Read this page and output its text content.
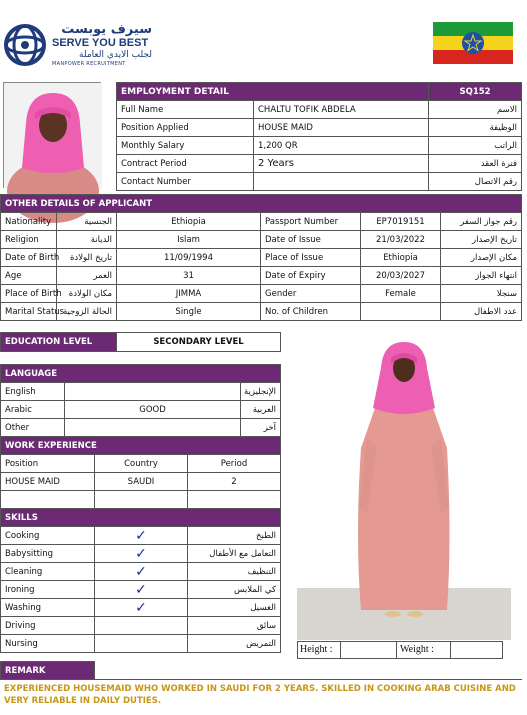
سيرف يوبست
SERVE YOU BEST
لجلب الايدي العاملة
MANPOWER RECRUITMENT
EMPLOYMENT DETAIL		SQ152
Full Name	CHALTU TOFIK ABDELA	الاسم
Position Applied	HOUSE MAID	الوظيفة
Monthly Salary	1,200 QR	الراتب
Contract Period	2 Years	فترة العقد
Contact Number		رقم الاتصال
OTHER DETAILS OF APPLICANT					
Nationality	الجنسية	Ethiopia	Passport Number	EP7019151	رقم جواز السفر
Religion	الديانة	Islam	Date of Issue	21/03/2022	تاريخ الإصدار
Date of Birth	تاريخ الولادة	11/09/1994	Place of Issue	Ethiopia	مكان الإصدار
Age	العمر	31	Date of Expiry	20/03/2027	انتهاء الجواز
Place of Birth	مكان الولادة	JIMMA	Gender	Female	سنجلا
Marital Status	الحالة الزوجية	Single	No. of Children		عدد الاطفال
EDUCATION LEVEL	SECONDARY LEVEL
LANGUAGE		
English		الإنجليزية
Arabic	GOOD	العربية
Other		آخر
WORK EXPERIENCE		
Position	Country	Period
HOUSE MAID	SAUDI	2

SKILLS		
Cooking	✓	الطبخ
Babysitting	✓	التعامل مع الأطفال
Cleaning	✓	التنظيف
Ironing	✓	كي الملابس
Washing	✓	الغسيل
Driving		سائق
Nursing		التمريض
Height :	Weight :
REMARK	
EXPERIENCED HOUSEMAID WHO WORKED IN SAUDI FOR 2 YEARS. SKILLED IN COOKING ARAB CUISINE AND VERY RELIABLE IN DAILY DUTIES.
